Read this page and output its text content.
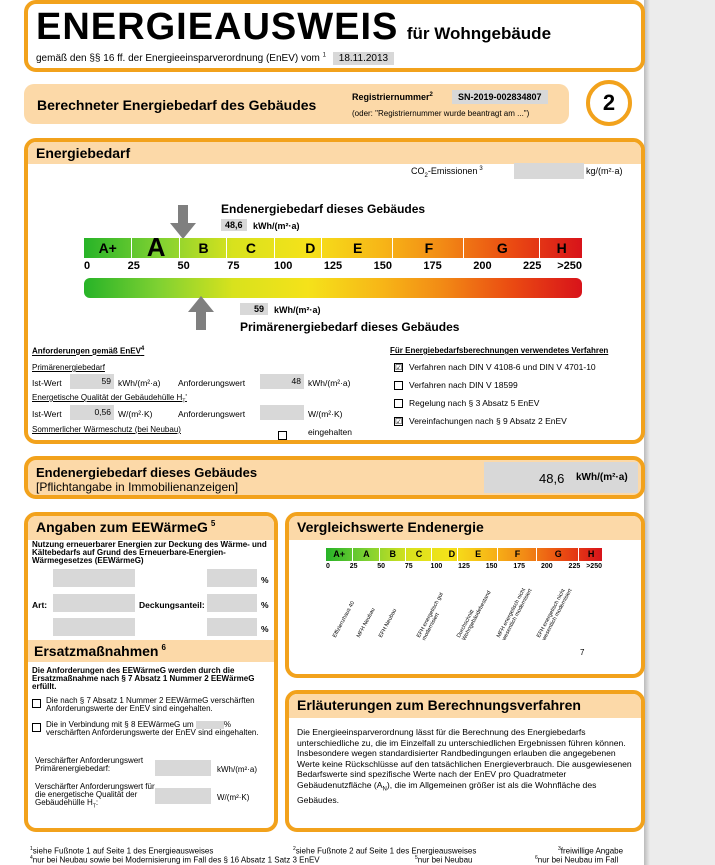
ENERGIEAUSWEIS für Wohngebäude
gemäß den §§ 16 ff. der Energieeinsparverordnung (EnEV) vom $^1$ 18.11.2013
Berechneter Energiebedarf des Gebäudes	Registriernummer$^2$	SN-2019-002834807
(oder: "Registriernummer wurde beantragt am ...")	2
Energiebedarf
$CO_2$-Emissionen $^3$	kg/(m²·a)
Endenergiebedarf dieses Gebäudes
48,6	kWh/(m²·a)
A+	A	B	C	D	E	F	G	H
0	25	50	75	100	125	150	175	200	225	>250
59	kWh/(m²·a)
Primärenergiebedarf dieses Gebäudes
Anforderungen gemäß EnEV$^4$
Primärenergiebedarf
Ist-Wert	59 kWh/(m²·a) Anforderungswert	48 kWh/(m²·a)
Energetische Qualität der Gebäudehülle $H_T'$
Ist-Wert	0,56 W/(m²·K)	Anforderungswert	W/(m²·K)
Sommerlicher Wärmeschutz (bei Neubau)	eingehalten
Für Energiebedarfsberechnungen verwendetes Verfahren
☑ Verfahren nach DIN V 4108-6 und DIN V 4701-10
Verfahren nach DIN V 18599
Regelung nach § 3 Absatz 5 EnEV
☑ Vereinfachungen nach § 9 Absatz 2 EnEV
Endenergiebedarf dieses Gebäudes
[Pflichtangabe in Immobilienanzeigen]
48,6 kWh/(m²·a)
Angaben zum EEWärmeG $^5$
Nutzung erneuerbarer Energien zur Deckung des Wärme- und Kältebedarfs auf Grund des Erneuerbare-Energien-Wärmegesetzes (EEWärmeG)
Art:	Deckungsanteil:
%
%
%
Ersatzmaßnahmen $^6$
Die Anforderungen des EEWärmeG werden durch die Ersatzmaßnahme nach § 7 Absatz 1 Nummer 2 EEWärmeG erfüllt.
Die nach § 7 Absatz 1 Nummer 2 EEWärmeG verschärften Anforderungswerte der EnEV sind eingehalten.
Die in Verbindung mit § 8 EEWärmeG um	% verschärften Anforderungswerte der EnEV sind eingehalten.
Verschärfter Anforderungswert Primärenergiebedarf:	kWh/(m²·a)
Verschärfter Anforderungswert für die energetische Qualität der Gebäudehülle $H_T$:
W/(m²·K)
Vergleichswerte Endenergie
A+	A	B	C	D	E	F	G	H
0	25	50	75	100	125	150	175	200	225 >250
Effizienzhaus 40 MFH Neubau EFH Neubau	EFH energetisch gut modernisiert	Durchschnitt Wohngebäudebestand MFH energetisch nicht wesentlich modernisiert EFH energetisch nicht wesentlich modernisiert
7
Erläuterungen zum Berechnungsverfahren
Die Energieeinsparverordnung lässt für die Berechnung des Energiebedarfs unterschiedliche zu, die im Einzelfall zu unterschiedlichen Ergebnissen führen können. Insbesondere wegen standardisierter Randbedingungen erlauben die angegebenen Werte keine Rückschlüsse auf den tatsächlichen Energieverbrauch. Die ausgewiesenen Bedarfswerte sind spezifische Werte nach der EnEV pro Quadratmeter Gebäudenutzfläche $(A_N)$, die im Allgemeinen größer ist als die Wohnfläche des Gebäudes.
$^1$siehe Fußnote 1 auf Seite 1 des Energieausweises	$^2$siehe Fußnote 2 auf Seite 1 des Energieausweises	$^3$freiwillige Angabe
$^4$nur bei Neubau sowie bei Modernisierung im Fall des § 16 Absatz 1 Satz 3 EnEV	$^5$nur bei Neubau	$^6$nur bei Neubau im Fall
